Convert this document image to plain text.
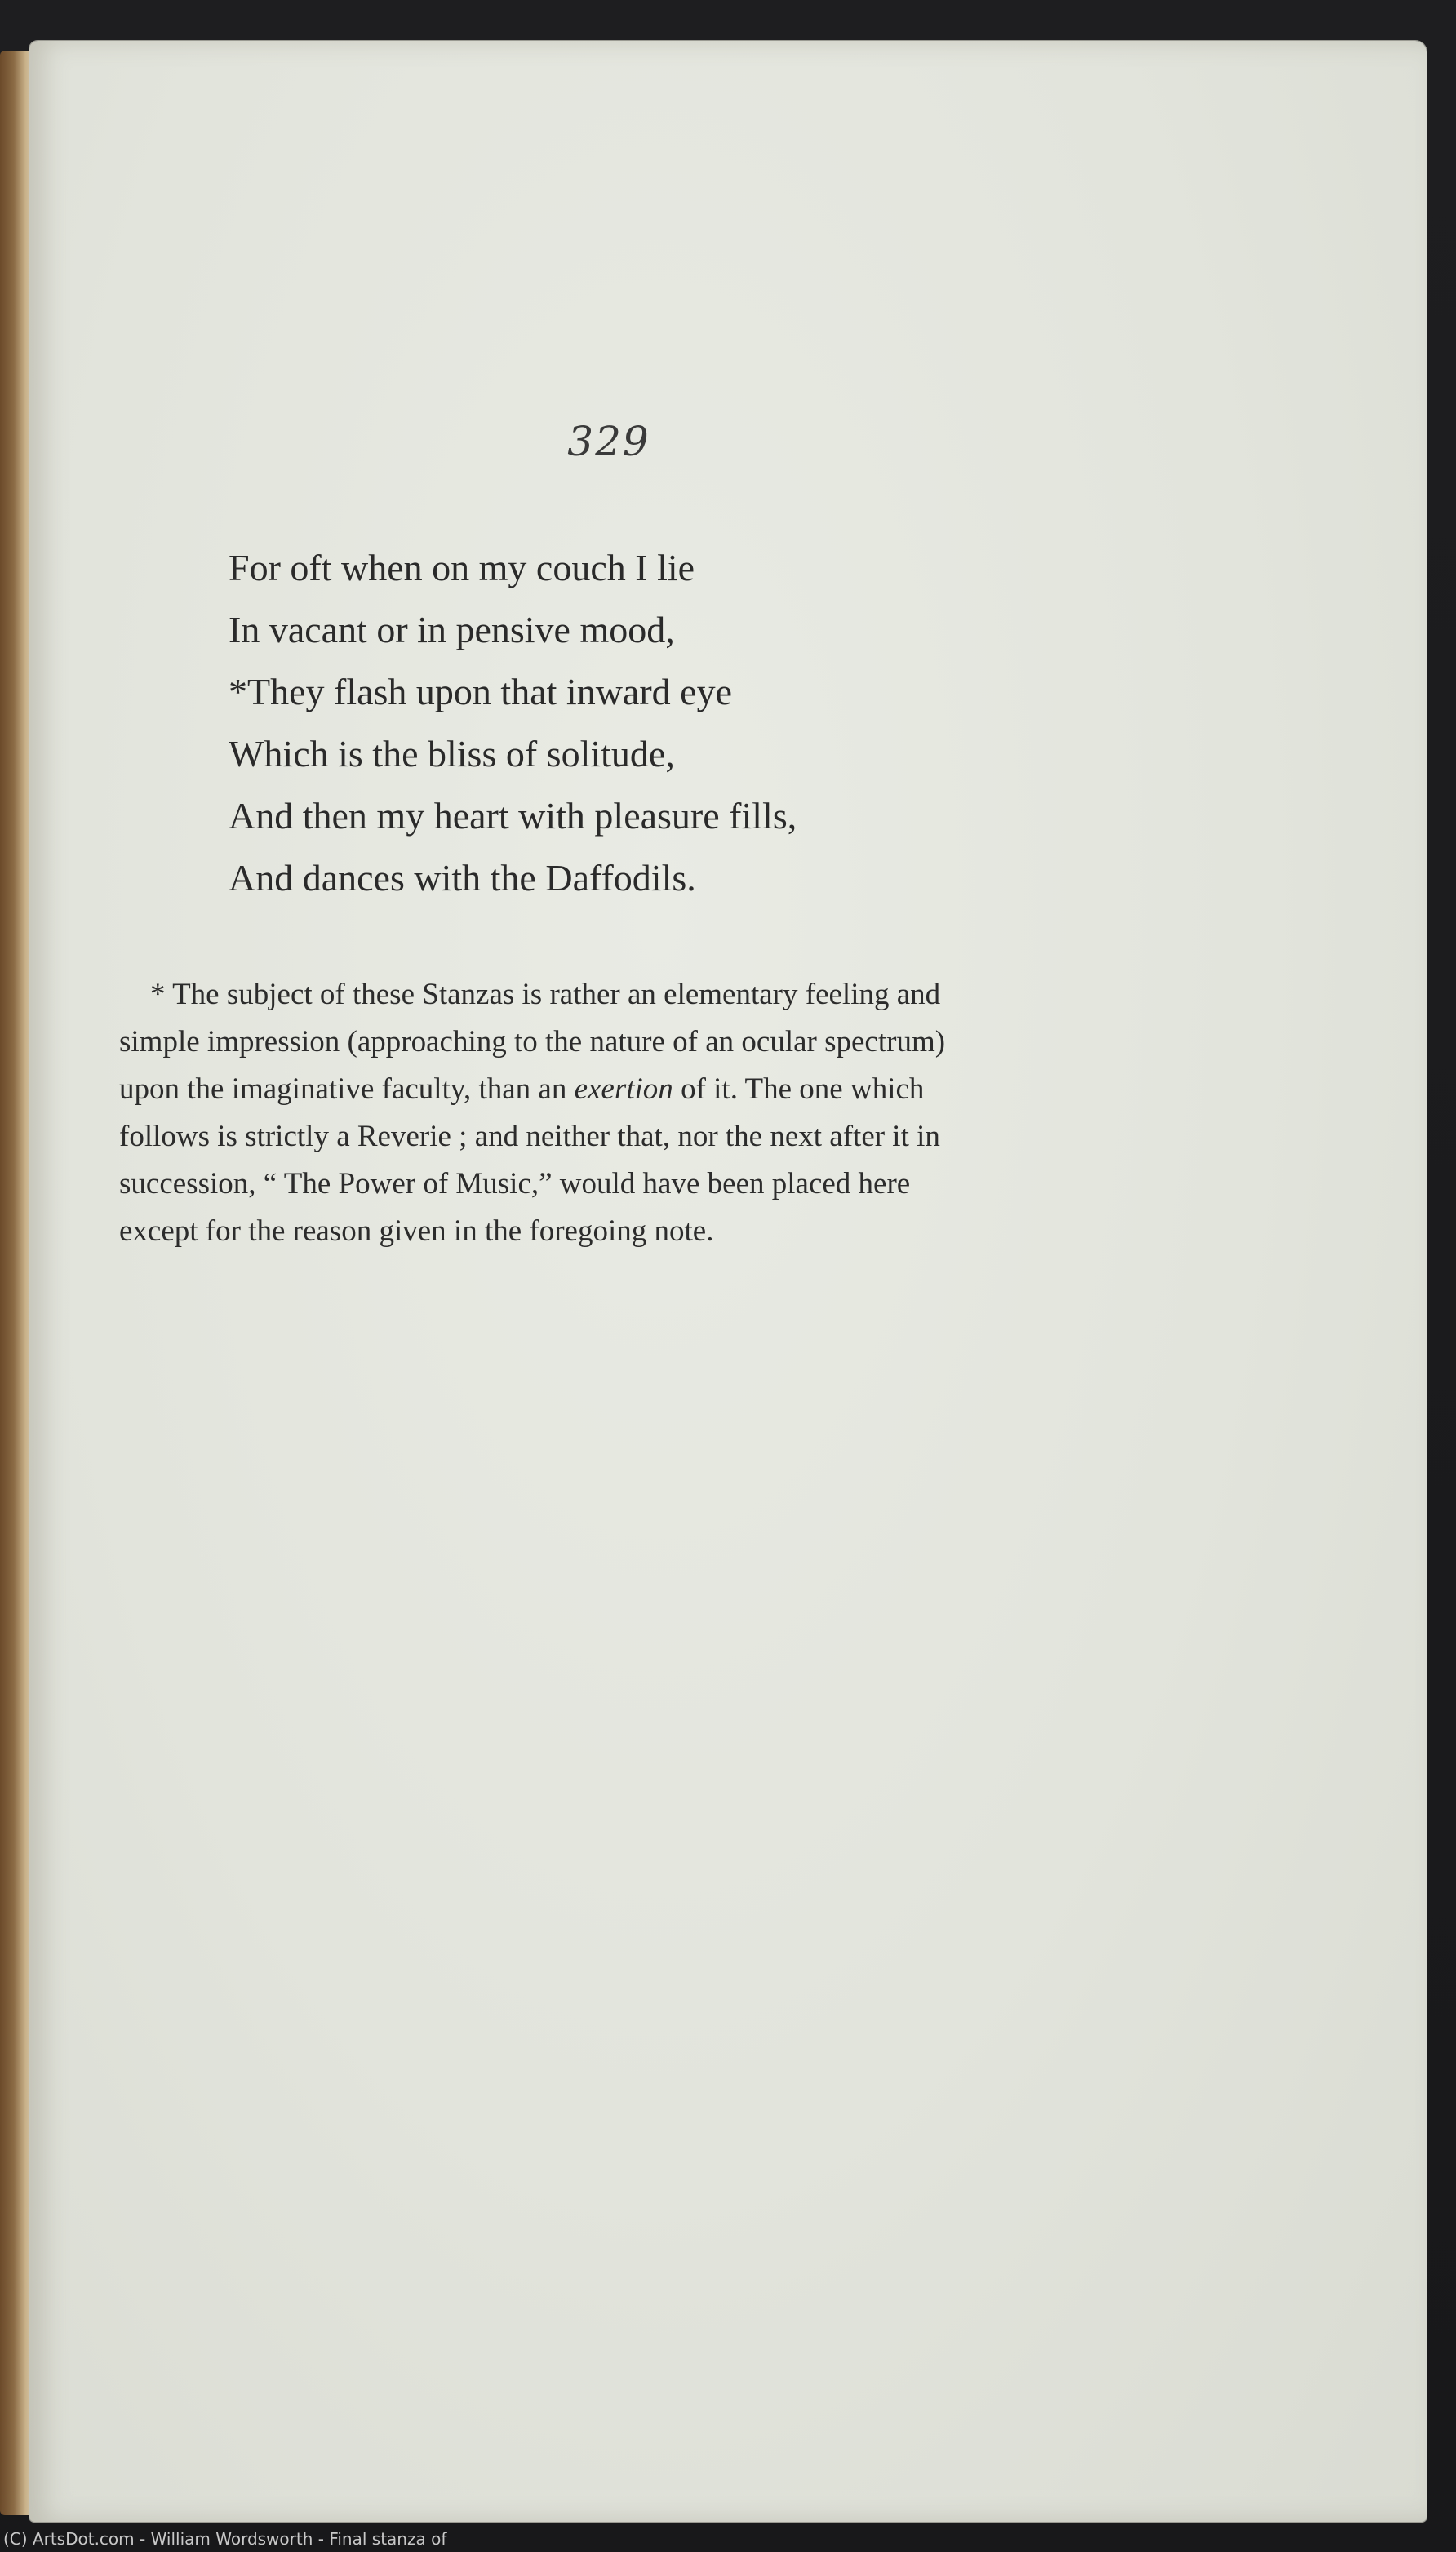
329
For oft when on my couch I lie
In vacant or in pensive mood,
*They flash upon that inward eye
Which is the bliss of solitude,
And then my heart with pleasure fills,
And dances with the Daffodils.
* The subject of these Stanzas is rather an elementary feeling and
simple impression (approaching to the nature of an ocular spectrum)
upon the imaginative faculty, than an exertion of it. The one which
follows is strictly a Reverie ; and neither that, nor the next after it in
succession, “ The Power of Music,” would have been placed here
except for the reason given in the foregoing note.
(C) ArtsDot.com - William Wordsworth - Final stanza of
